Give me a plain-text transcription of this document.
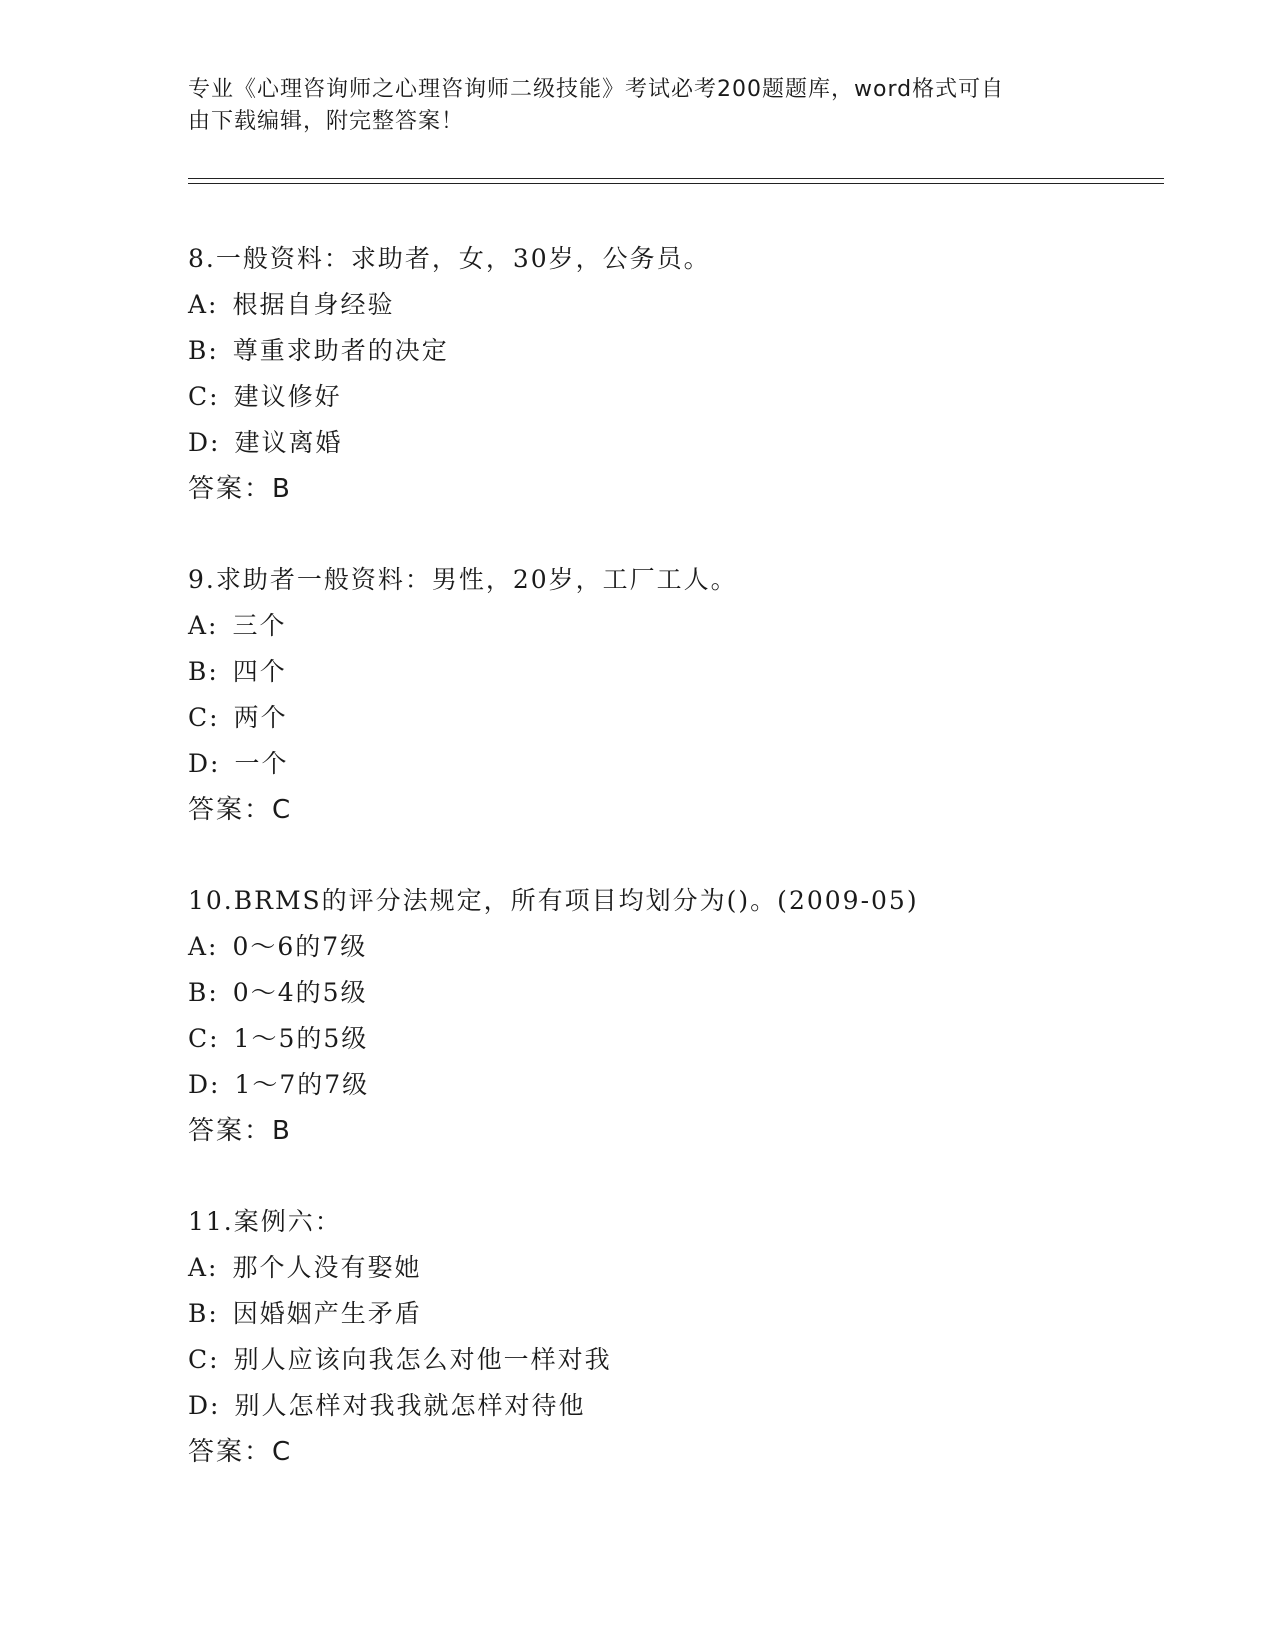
专业《心理咨询师之心理咨询师二级技能》考试必考200题题库，word格式可自
由下载编辑，附完整答案！
8.一般资料：求助者，女，30岁，公务员。
A: 根据自身经验
B: 尊重求助者的决定
C: 建议修好
D: 建议离婚
答案：B
9.求助者一般资料：男性，20岁，工厂工人。
A: 三个
B: 四个
C: 两个
D: 一个
答案：C
10.BRMS的评分法规定，所有项目均划分为()。(2009-05)
A: 0～6的7级
B: 0～4的5级
C: 1～5的5级
D: 1～7的7级
答案：B
11.案例六：
A: 那个人没有娶她
B: 因婚姻产生矛盾
C: 别人应该向我怎么对他一样对我
D: 别人怎样对我我就怎样对待他
答案：C
